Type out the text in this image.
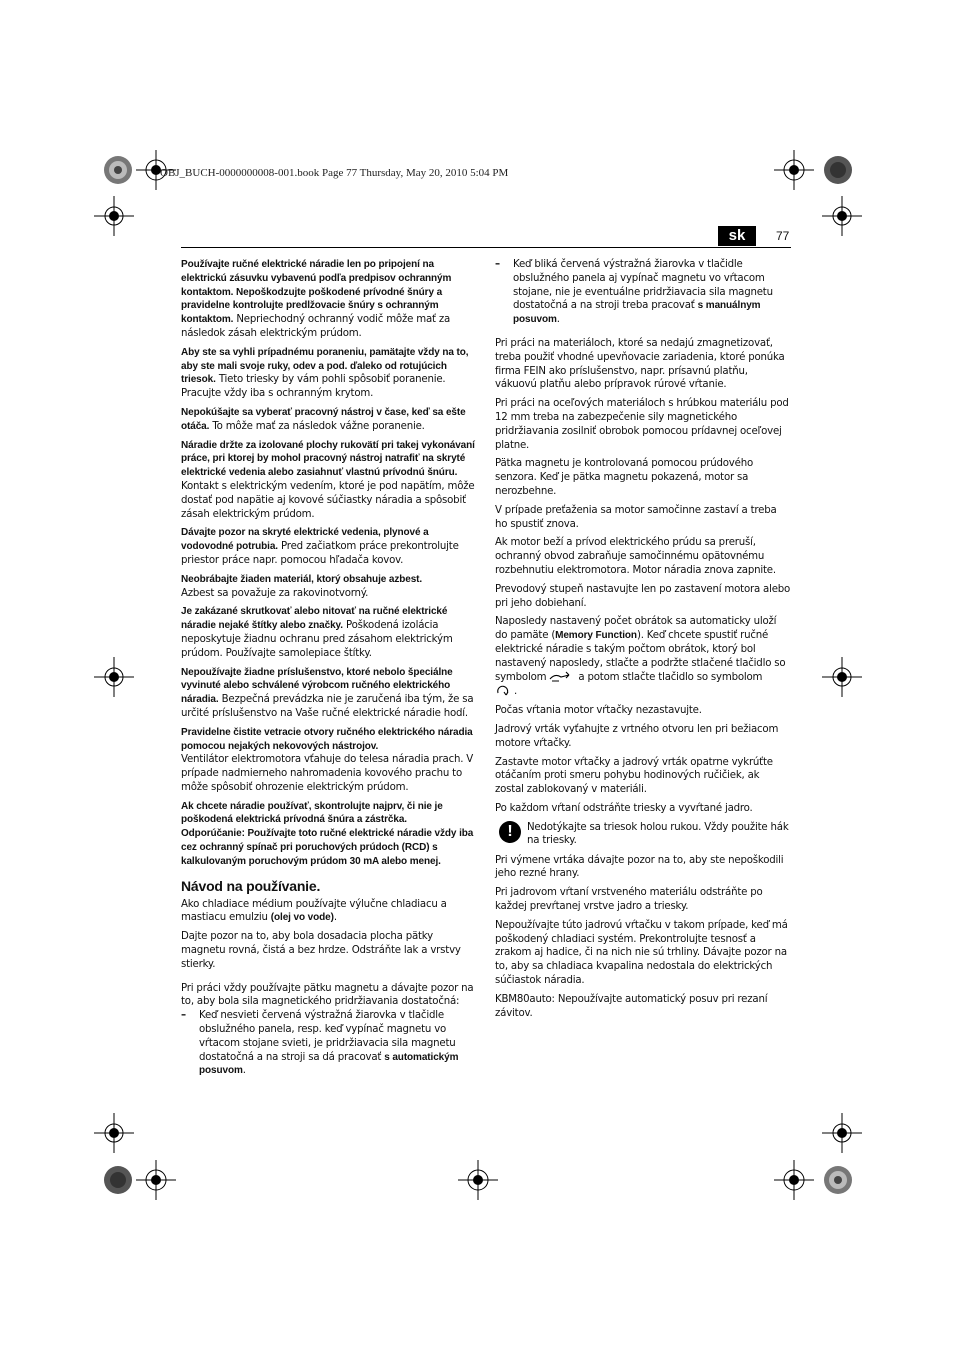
OBJ_BUCH-0000000008-001.book Page 77 Thursday, May 20, 2010 5:04 PM
sk	77

Používajte ručné elektrické náradie len po pripojení na elektrickú zásuvku vybavenú podľa predpisov ochranným kontaktom. Nepoškodzujte poškodené prívodné šnúry a pravidelne kontrolujte predlžovacie šnúry s ochranným kontaktom. Nepriechodný ochranný vodič môže mať za následok zásah elektrickým prúdom.

Aby ste sa vyhli prípadnému poraneniu, pamätajte vždy na to, aby ste mali svoje ruky, odev a pod. ďaleko od rotujúcich triesok. Tieto triesky by vám pohli spôsobiť poranenie. Pracujte vždy iba s ochranným krytom.

Nepokúšajte sa vyberať pracovný nástroj v čase, keď sa ešte otáča. To môže mať za následok vážne poranenie.

Náradie držte za izolované plochy rukovätí pri takej vykonávaní práce, pri ktorej by mohol pracovný nástroj natrafiť na skryté elektrické vedenia alebo zasiahnuť vlastnú prívodnú šnúru. Kontakt s elektrickým vedením, ktoré je pod napätím, môže dostať pod napätie aj kovové súčiastky náradia a spôsobiť zásah elektrickým prúdom.

Dávajte pozor na skryté elektrické vedenia, plynové a vodovodné potrubia. Pred začiatkom práce prekontrolujte priestor práce napr. pomocou hľadača kovov.

Neobrábajte žiaden materiál, ktorý obsahuje azbest.
Azbest sa považuje za rakovinotvorný.

Je zakázané skrutkovať alebo nitovať na ručné elektrické náradie nejaké štítky alebo značky. Poškodená izolácia neposkytuje žiadnu ochranu pred zásahom elektrickým prúdom. Používajte samolepiace štítky.

Nepoužívajte žiadne príslušenstvo, ktoré nebolo špeciálne vyvinuté alebo schválené výrobcom ručného elektrického náradia. Bezpečná prevádzka nie je zaručená iba tým, že sa určité príslušenstvo na Vaše ručné elektrické náradie hodí.

Pravidelne čistite vetracie otvory ručného elektrického náradia pomocou nejakých nekovových nástrojov.
Ventilátor elektromotora vťahuje do telesa náradia prach. V prípade nadmierneho nahromadenia kovového prachu to môže spôsobiť ohrozenie elektrickým prúdom.

Ak chcete náradie používať, skontrolujte najprv, či nie je poškodená elektrická prívodná šnúra a zástrčka.

Odporúčanie: Používajte toto ručné elektrické náradie vždy iba cez ochranný spínač pri poruchových prúdoch (RCD) s kalkulovaným poruchovým prúdom 30 mA alebo menej.

Návod na používanie.

Ako chladiace médium používajte výlučne chladiacu a mastiacu emulziu (olej vo vode).

Dajte pozor na to, aby bola dosadacia plocha pätky magnetu rovná, čistá a bez hrdze. Odstráňte lak a vrstvy stierky.

Pri práci vždy používajte pätku magnetu a dávajte pozor na to, aby bola sila magnetického pridržiavania dostatočná:

– Keď nesvieti červená výstražná žiarovka v tlačidle obslužného panela, resp. keď vypínač magnetu vo vŕtacom stojane svieti, je pridržiavacia sila magnetu dostatočná a na stroji sa dá pracovať s automatickým posuvom.
– Keď bliká červená výstražná žiarovka v tlačidle obslužného panela aj vypínač magnetu vo vŕtacom stojane, nie je eventuálne pridržiavacia sila magnetu dostatočná a na stroji treba pracovať s manuálnym posuvom.

Pri práci na materiáloch, ktoré sa nedajú zmagnetizovať, treba použiť vhodné upevňovacie zariadenia, ktoré ponúka firma FEIN ako príslušenstvo, napr. prísavnú platňu, vákuovú platňu alebo prípravok rúrové vŕtanie.

Pri práci na oceľových materiáloch s hrúbkou materiálu pod 12 mm treba na zabezpečenie sily magnetického pridržiavania zosilniť obrobok pomocou prídavnej oceľovej platne.

Pätka magnetu je kontrolovaná pomocou prúdového senzora. Keď je pätka magnetu pokazená, motor sa nerozbehne.

V prípade preťaženia sa motor samočinne zastaví a treba ho spustiť znova.

Ak motor beží a prívod elektrického prúdu sa preruší, ochranný obvod zabraňuje samočinnému opätovnému rozbehnutiu elektromotora. Motor náradia znova zapnite.

Prevodový stupeň nastavujte len po zastavení motora alebo pri jeho dobiehaní.

Naposledy nastavený počet obrátok sa automaticky uloží do pamäte (Memory Function). Keď chcete spustiť ručné elektrické náradie s takým počtom obrátok, ktorý bol nastavený naposledy, stlačte a podržte stlačené tlačidlo so symbolom	a potom stlačte tlačidlo so symbolom
.

Počas vŕtania motor vŕtačky nezastavujte.

Jadrový vrták vyťahujte z vrtného otvoru len pri bežiacom motore vŕtačky.

Zastavte motor vŕtačky a jadrový vrták opatrne vykrúťte otáčaním proti smeru pohybu hodinových ručičiek, ak zostal zablokovaný v materiáli.

Po každom vŕtaní odstráňte triesky a vyvŕtané jadro.

!	Nedotýkajte sa triesok holou rukou. Vždy použite hák na triesky.

Pri výmene vrtáka dávajte pozor na to, aby ste nepoškodili jeho rezné hrany.

Pri jadrovom vŕtaní vrstveného materiálu odstráňte po každej prevŕtanej vrstve jadro a triesky.

Nepoužívajte túto jadrovú vŕtačku v takom prípade, keď má poškodený chladiaci systém. Prekontrolujte tesnosť a zrakom aj hadice, či na nich nie sú trhliny. Dávajte pozor na to, aby sa chladiaca kvapalina nedostala do elektrických súčiastok náradia.

KBM80auto: Nepoužívajte automatický posuv pri rezaní závitov.
